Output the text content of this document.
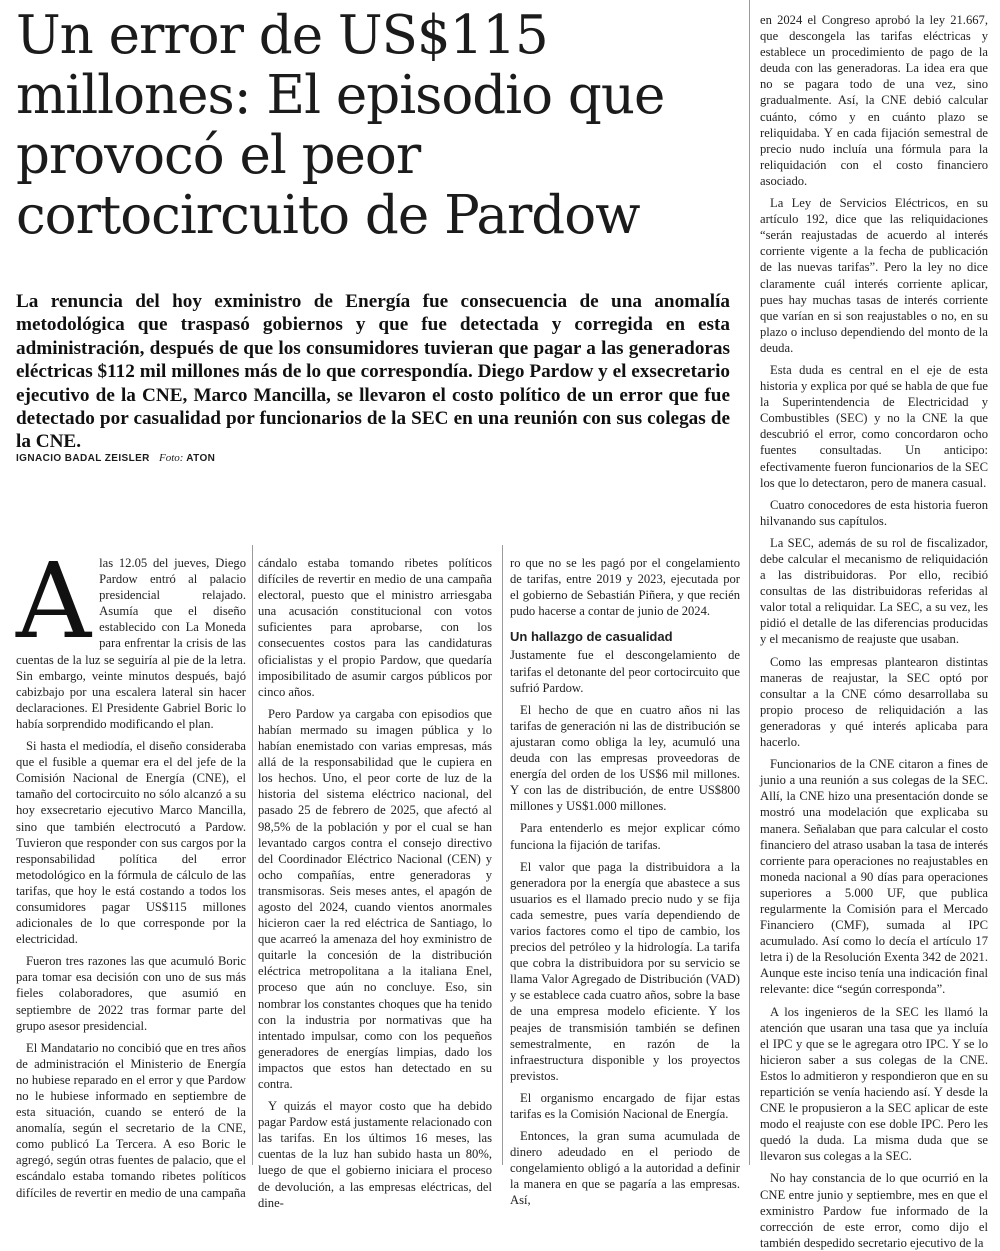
Un error de US$115 millones: El episodio que provocó el peor cortocircuito de Pardow

La renuncia del hoy exministro de Energía fue consecuencia de una anomalía metodológica que traspasó gobiernos y que fue detectada y corregida en esta administración, después de que los consumidores tuvieran que pagar a las generadoras eléctricas $112 mil millones más de lo que correspondía. Diego Pardow y el exsecretario ejecutivo de la CNE, Marco Mancilla, se llevaron el costo político de un error que fue detectado por casualidad por funcionarios de la SEC en una reunión con sus colegas de la CNE.

IGNACIO BADAL ZEISLER Foto: ATON

Alas 12.05 del jueves, Diego Pardow entró al palacio presidencial relajado. Asumía que el diseño establecido con La Moneda para enfrentar la crisis de las cuentas de la luz se seguiría al pie de la letra. Sin embargo, veinte minutos después, bajó cabizbajo por una escalera lateral sin hacer declaraciones. El Presidente Gabriel Boric lo había sorprendido modificando el plan.

Si hasta el mediodía, el diseño consideraba que el fusible a quemar era el del jefe de la Comisión Nacional de Energía (CNE), el tamaño del cortocircuito no sólo alcanzó a su hoy exsecretario ejecutivo Marco Mancilla, sino que también electrocutó a Pardow. Tuvieron que responder con sus cargos por la responsabilidad política del error metodológico en la fórmula de cálculo de las tarifas, que hoy le está costando a todos los consumidores pagar US$115 millones adicionales de lo que corresponde por la electricidad.

Fueron tres razones las que acumuló Boric para tomar esa decisión con uno de sus más fieles colaboradores, que asumió en septiembre de 2022 tras formar parte del grupo asesor presidencial.

El Mandatario no concibió que en tres años de administración el Ministerio de Energía no hubiese reparado en el error y que Pardow no le hubiese informado en septiembre de esta situación, cuando se enteró de la anomalía, según el secretario de la CNE, como publicó La Tercera. A eso Boric le agregó, según otras fuentes de palacio, que el escándalo estaba tomando ribetes políticos difíciles de revertir en medio de una campaña

cándalo estaba tomando ribetes políticos difíciles de revertir en medio de una campaña electoral, puesto que el ministro arriesgaba una acusación constitucional con votos suficientes para aprobarse, con los consecuentes costos para las candidaturas oficialistas y el propio Pardow, que quedaría imposibilitado de asumir cargos públicos por cinco años.

Pero Pardow ya cargaba con episodios que habían mermado su imagen pública y lo habían enemistado con varias empresas, más allá de la responsabilidad que le cupiera en los hechos. Uno, el peor corte de luz de la historia del sistema eléctrico nacional, del pasado 25 de febrero de 2025, que afectó al 98,5% de la población y por el cual se han levantado cargos contra el consejo directivo del Coordinador Eléctrico Nacional (CEN) y ocho compañías, entre generadoras y transmisoras. Seis meses antes, el apagón de agosto del 2024, cuando vientos anormales hicieron caer la red eléctrica de Santiago, lo que acarreó la amenaza del hoy exministro de quitarle la concesión de la distribución eléctrica metropolitana a la italiana Enel, proceso que aún no concluye. Eso, sin nombrar los constantes choques que ha tenido con la industria por normativas que ha intentado impulsar, como con los pequeños generadores de energías limpias, dado los impactos que estos han detectado en su contra.

Y quizás el mayor costo que ha debido pagar Pardow está justamente relacionado con las tarifas. En los últimos 16 meses, las cuentas de la luz han subido hasta un 80%, luego de que el gobierno iniciara el proceso de devolución, a las empresas eléctricas, del dine-

ro que no se les pagó por el congelamiento de tarifas, entre 2019 y 2023, ejecutada por el gobierno de Sebastián Piñera, y que recién pudo hacerse a contar de junio de 2024.

Un hallazgo de casualidad

Justamente fue el descongelamiento de tarifas el detonante del peor cortocircuito que sufrió Pardow.

El hecho de que en cuatro años ni las tarifas de generación ni las de distribución se ajustaran como obliga la ley, acumuló una deuda con las empresas proveedoras de energía del orden de los US$6 mil millones. Y con las de distribución, de entre US$800 millones y US$1.000 millones.

Para entenderlo es mejor explicar cómo funciona la fijación de tarifas.

El valor que paga la distribuidora a la generadora por la energía que abastece a sus usuarios es el llamado precio nudo y se fija cada semestre, pues varía dependiendo de varios factores como el tipo de cambio, los precios del petróleo y la hidrología. La tarifa que cobra la distribuidora por su servicio se llama Valor Agregado de Distribución (VAD) y se establece cada cuatro años, sobre la base de una empresa modelo eficiente. Y los peajes de transmisión también se definen semestralmente, en razón de la infraestructura disponible y los proyectos previstos.

El organismo encargado de fijar estas tarifas es la Comisión Nacional de Energía.

Entonces, la gran suma acumulada de dinero adeudado en el periodo de congelamiento obligó a la autoridad a definir la manera en que se pagaría a las empresas. Así,

en 2024 el Congreso aprobó la ley 21.667, que descongela las tarifas eléctricas y establece un procedimiento de pago de la deuda con las generadoras. La idea era que no se pagara todo de una vez, sino gradualmente. Así, la CNE debió calcular cuánto, cómo y en cuánto plazo se reliquidaba. Y en cada fijación semestral de precio nudo incluía una fórmula para la reliquidación con el costo financiero asociado.

La Ley de Servicios Eléctricos, en su artículo 192, dice que las reliquidaciones “serán reajustadas de acuerdo al interés corriente vigente a la fecha de publicación de las nuevas tarifas”. Pero la ley no dice claramente cuál interés corriente aplicar, pues hay muchas tasas de interés corriente que varían en si son reajustables o no, en su plazo o incluso dependiendo del monto de la deuda.

Esta duda es central en el eje de esta historia y explica por qué se habla de que fue la Superintendencia de Electricidad y Combustibles (SEC) y no la CNE la que descubrió el error, como concordaron ocho fuentes consultadas. Un anticipo: efectivamente fueron funcionarios de la SEC los que lo detectaron, pero de manera casual.

Cuatro conocedores de esta historia fueron hilvanando sus capítulos.

La SEC, además de su rol de fiscalizador, debe calcular el mecanismo de reliquidación a las distribuidoras. Por ello, recibió consultas de las distribuidoras referidas al valor total a reliquidar. La SEC, a su vez, les pidió el detalle de las diferencias producidas y el mecanismo de reajuste que usaban.

Como las empresas plantearon distintas maneras de reajustar, la SEC optó por consultar a la CNE cómo desarrollaba su propio proceso de reliquidación a las generadoras y qué interés aplicaba para hacerlo.

Funcionarios de la CNE citaron a fines de junio a una reunión a sus colegas de la SEC. Allí, la CNE hizo una presentación donde se mostró una modelación que explicaba su manera. Señalaban que para calcular el costo financiero del atraso usaban la tasa de interés corriente para operaciones no reajustables en moneda nacional a 90 días para operaciones superiores a 5.000 UF, que publica regularmente la Comisión para el Mercado Financiero (CMF), sumada al IPC acumulado. Así como lo decía el artículo 17 letra i) de la Resolución Exenta 342 de 2021. Aunque este inciso tenía una indicación final relevante: dice “según corresponda”.

A los ingenieros de la SEC les llamó la atención que usaran una tasa que ya incluía el IPC y que se le agregara otro IPC. Y se lo hicieron saber a sus colegas de la CNE. Estos lo admitieron y respondieron que en su repartición se venía haciendo así. Y desde la CNE le propusieron a la SEC aplicar de este modo el reajuste con ese doble IPC. Pero les quedó la duda. La misma duda que se llevaron sus colegas a la SEC.

No hay constancia de lo que ocurrió en la CNE entre junio y septiembre, mes en que el exministro Pardow fue informado de la corrección de este error, como dijo el también despedido secretario ejecutivo de la
